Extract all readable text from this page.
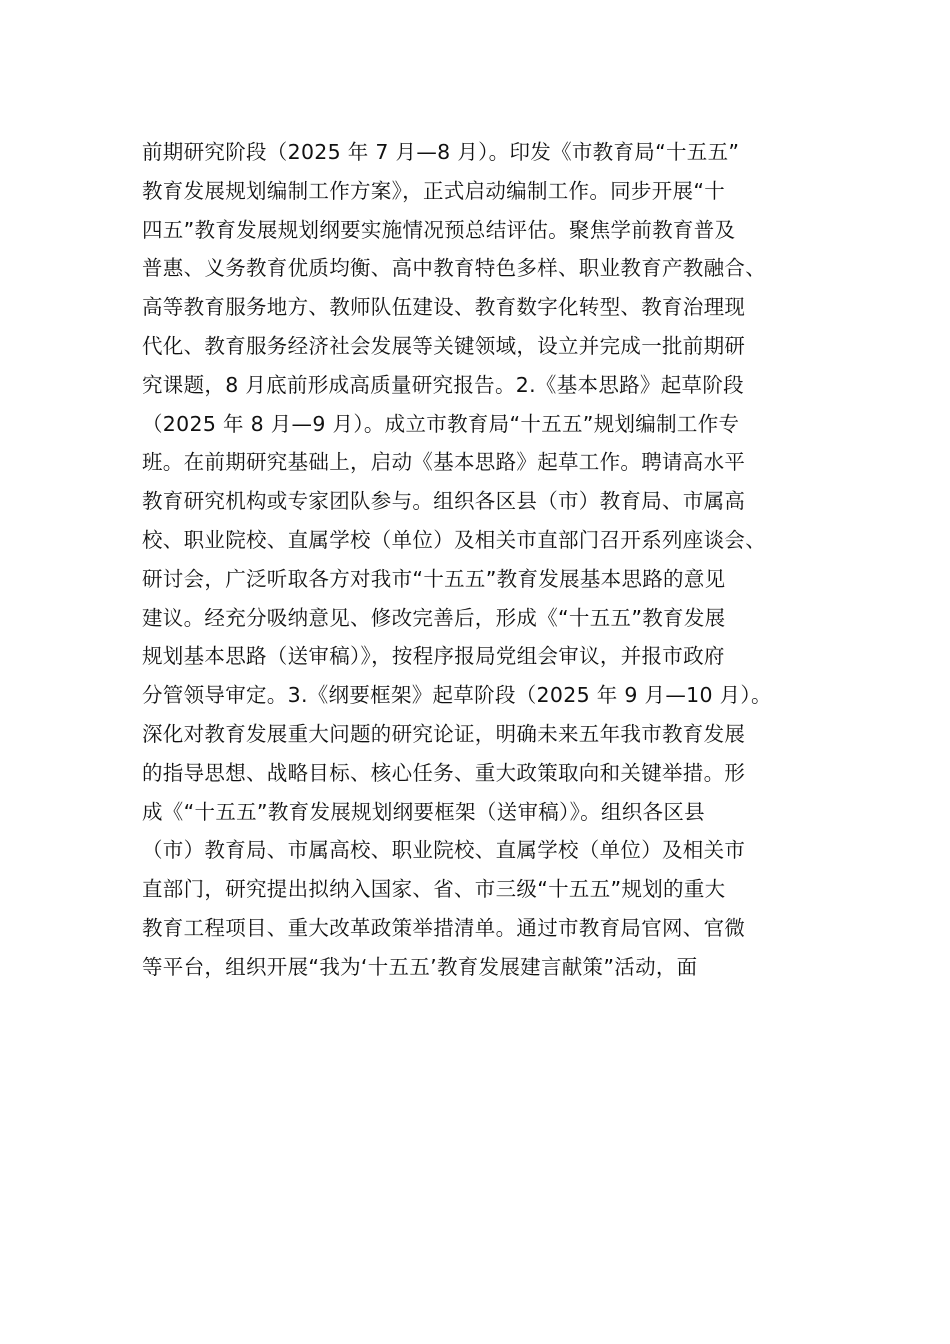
前期研究阶段（2025 年 7 月—8 月）。印发《市教育局“十五五”
教育发展规划编制工作方案》，正式启动编制工作。同步开展“十
四五”教育发展规划纲要实施情况预总结评估。聚焦学前教育普及
普惠、义务教育优质均衡、高中教育特色多样、职业教育产教融合、
高等教育服务地方、教师队伍建设、教育数字化转型、教育治理现
代化、教育服务经济社会发展等关键领域，设立并完成一批前期研
究课题，8 月底前形成高质量研究报告。2.《基本思路》起草阶段
（2025 年 8 月—9 月）。成立市教育局“十五五”规划编制工作专
班。在前期研究基础上，启动《基本思路》起草工作。聘请高水平
教育研究机构或专家团队参与。组织各区县（市）教育局、市属高
校、职业院校、直属学校（单位）及相关市直部门召开系列座谈会、
研讨会，广泛听取各方对我市“十五五”教育发展基本思路的意见
建议。经充分吸纳意见、修改完善后，形成《“十五五”教育发展
规划基本思路（送审稿）》，按程序报局党组会审议，并报市政府
分管领导审定。3.《纲要框架》起草阶段（2025 年 9 月—10 月）。
深化对教育发展重大问题的研究论证，明确未来五年我市教育发展
的指导思想、战略目标、核心任务、重大政策取向和关键举措。形
成《“十五五”教育发展规划纲要框架（送审稿）》。组织各区县
（市）教育局、市属高校、职业院校、直属学校（单位）及相关市
直部门，研究提出拟纳入国家、省、市三级“十五五”规划的重大
教育工程项目、重大改革政策举措清单。通过市教育局官网、官微
等平台，组织开展“我为‘十五五’教育发展建言献策”活动，面
